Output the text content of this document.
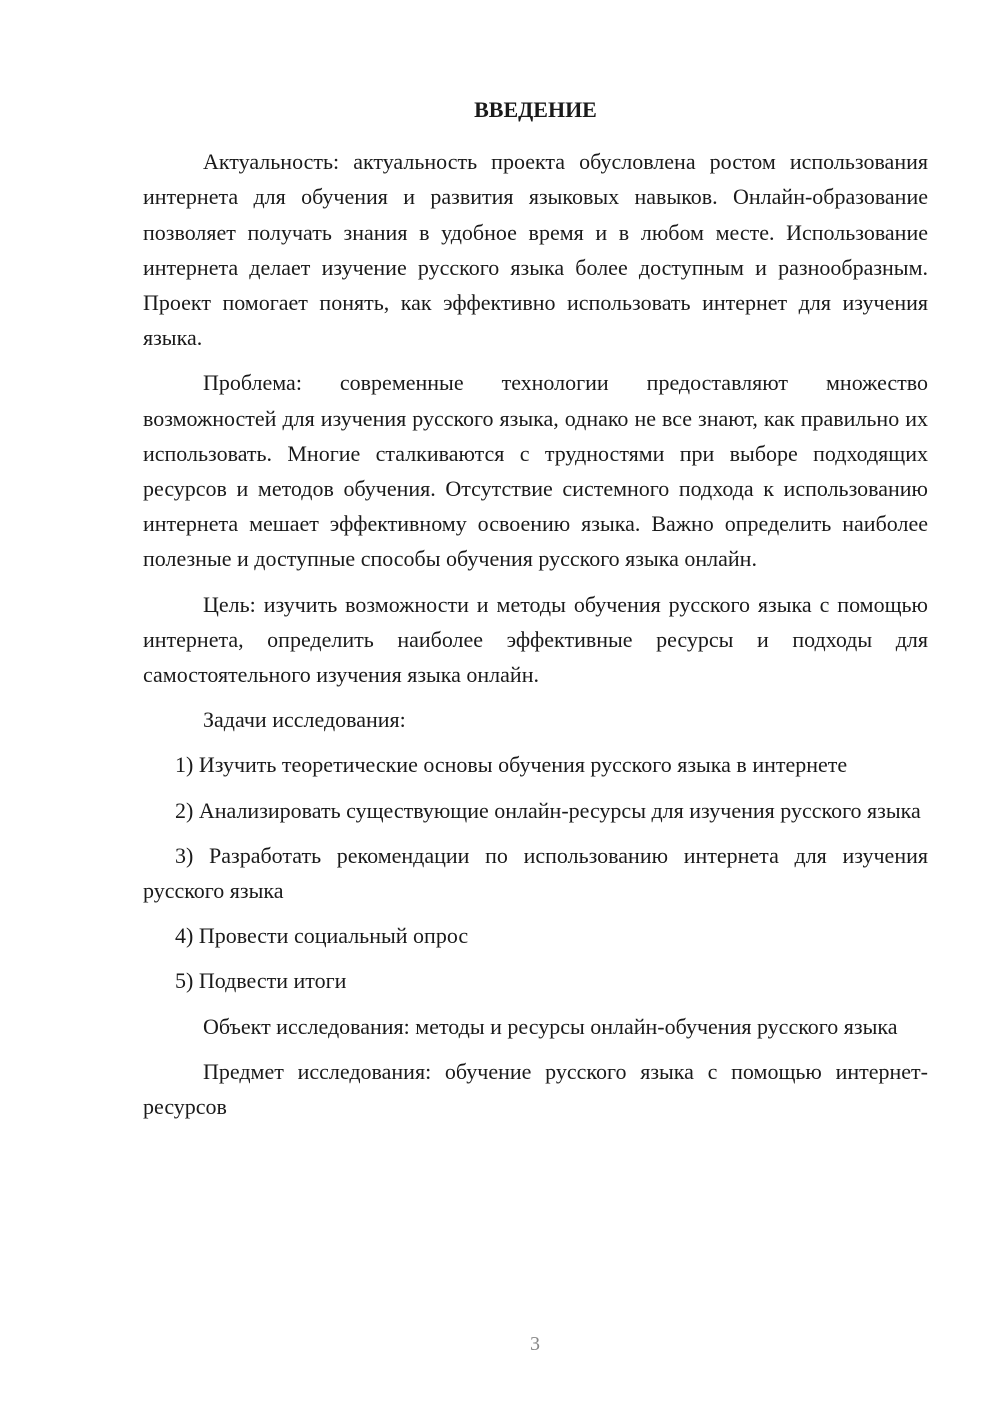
ВВЕДЕНИЕ

Актуальность: актуальность проекта обусловлена ростом использования интернета для обучения и развития языковых навыков. Онлайн-образование позволяет получать знания в удобное время и в любом месте. Использование интернета делает изучение русского языка более доступным и разнообразным. Проект помогает понять, как эффективно использовать интернет для изучения языка.

Проблема: современные технологии предоставляют множество возможностей для изучения русского языка, однако не все знают, как правильно их использовать. Многие сталкиваются с трудностями при выборе подходящих ресурсов и методов обучения. Отсутствие системного подхода к использованию интернета мешает эффективному освоению языка. Важно определить наиболее полезные и доступные способы обучения русского языка онлайн.

Цель: изучить возможности и методы обучения русского языка с помощью интернета, определить наиболее эффективные ресурсы и подходы для самостоятельного изучения языка онлайн.

Задачи исследования:

1) Изучить теоретические основы обучения русского языка в интернете

2) Анализировать существующие онлайн-ресурсы для изучения русского языка

3) Разработать рекомендации по использованию интернета для изучения русского языка

4) Провести социальный опрос

5) Подвести итоги

Объект исследования: методы и ресурсы онлайн-обучения русского языка

Предмет исследования: обучение русского языка с помощью интернет-ресурсов

3
